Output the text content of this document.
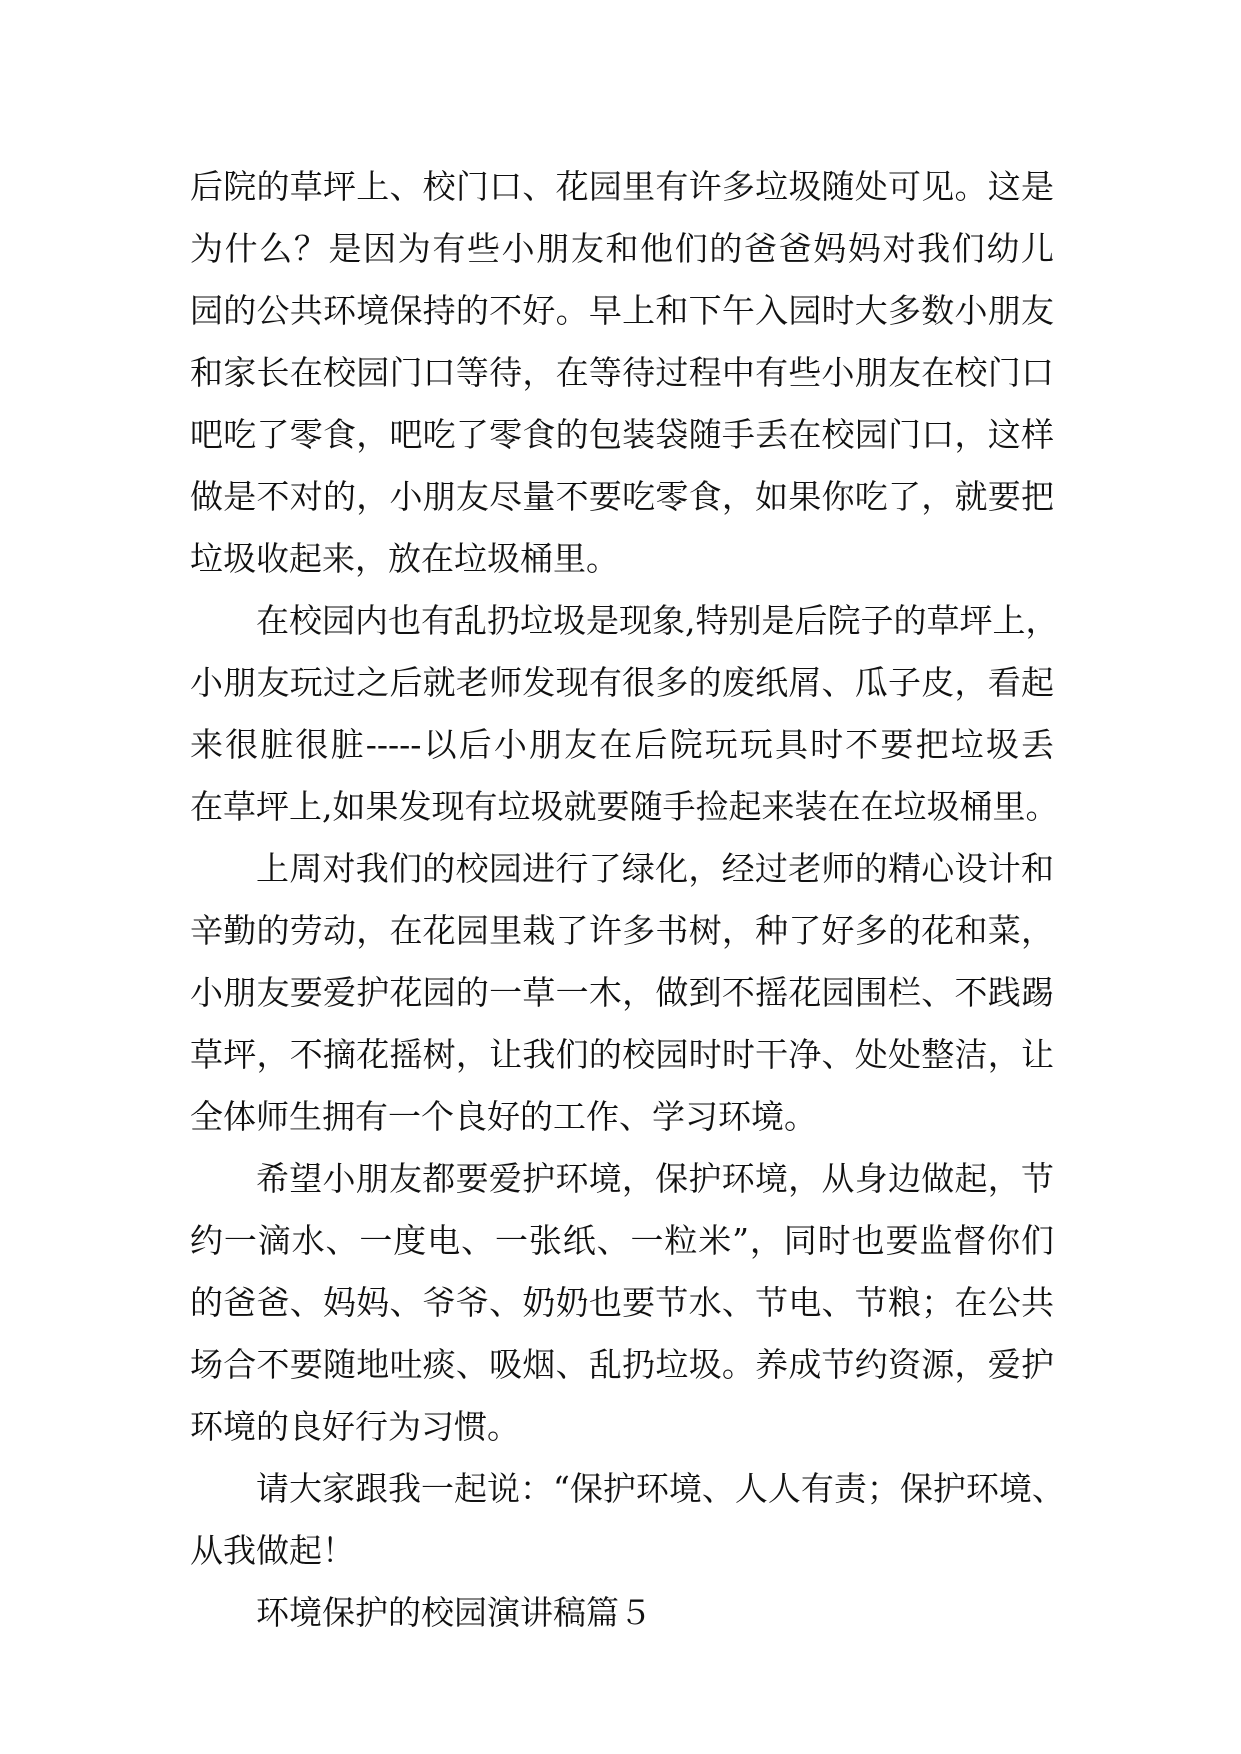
后院的草坪上、校门口、花园里有许多垃圾随处可见。这是
为什么？是因为有些小朋友和他们的爸爸妈妈对我们幼儿
园的公共环境保持的不好。早上和下午入园时大多数小朋友
和家长在校园门口等待，在等待过程中有些小朋友在校门口
吧吃了零食，吧吃了零食的包装袋随手丢在校园门口，这样
做是不对的，小朋友尽量不要吃零食，如果你吃了，就要把
垃圾收起来，放在垃圾桶里。
在校园内也有乱扔垃圾是现象,特别是后院子的草坪上，
小朋友玩过之后就老师发现有很多的废纸屑、瓜子皮，看起
来很脏很脏-----以后小朋友在后院玩玩具时不要把垃圾丢
在草坪上,如果发现有垃圾就要随手捡起来装在在垃圾桶里。
上周对我们的校园进行了绿化，经过老师的精心设计和
辛勤的劳动，在花园里栽了许多书树，种了好多的花和菜，
小朋友要爱护花园的一草一木，做到不摇花园围栏、不践踢
草坪，不摘花摇树，让我们的校园时时干净、处处整洁，让
全体师生拥有一个良好的工作、学习环境。
希望小朋友都要爱护环境，保护环境，从身边做起，节
约一滴水、一度电、一张纸、一粒米”，同时也要监督你们
的爸爸、妈妈、爷爷、奶奶也要节水、节电、节粮；在公共
场合不要随地吐痰、吸烟、乱扔垃圾。养成节约资源，爱护
环境的良好行为习惯。
请大家跟我一起说：“保护环境、人人有责；保护环境、
从我做起！
环境保护的校园演讲稿篇５
